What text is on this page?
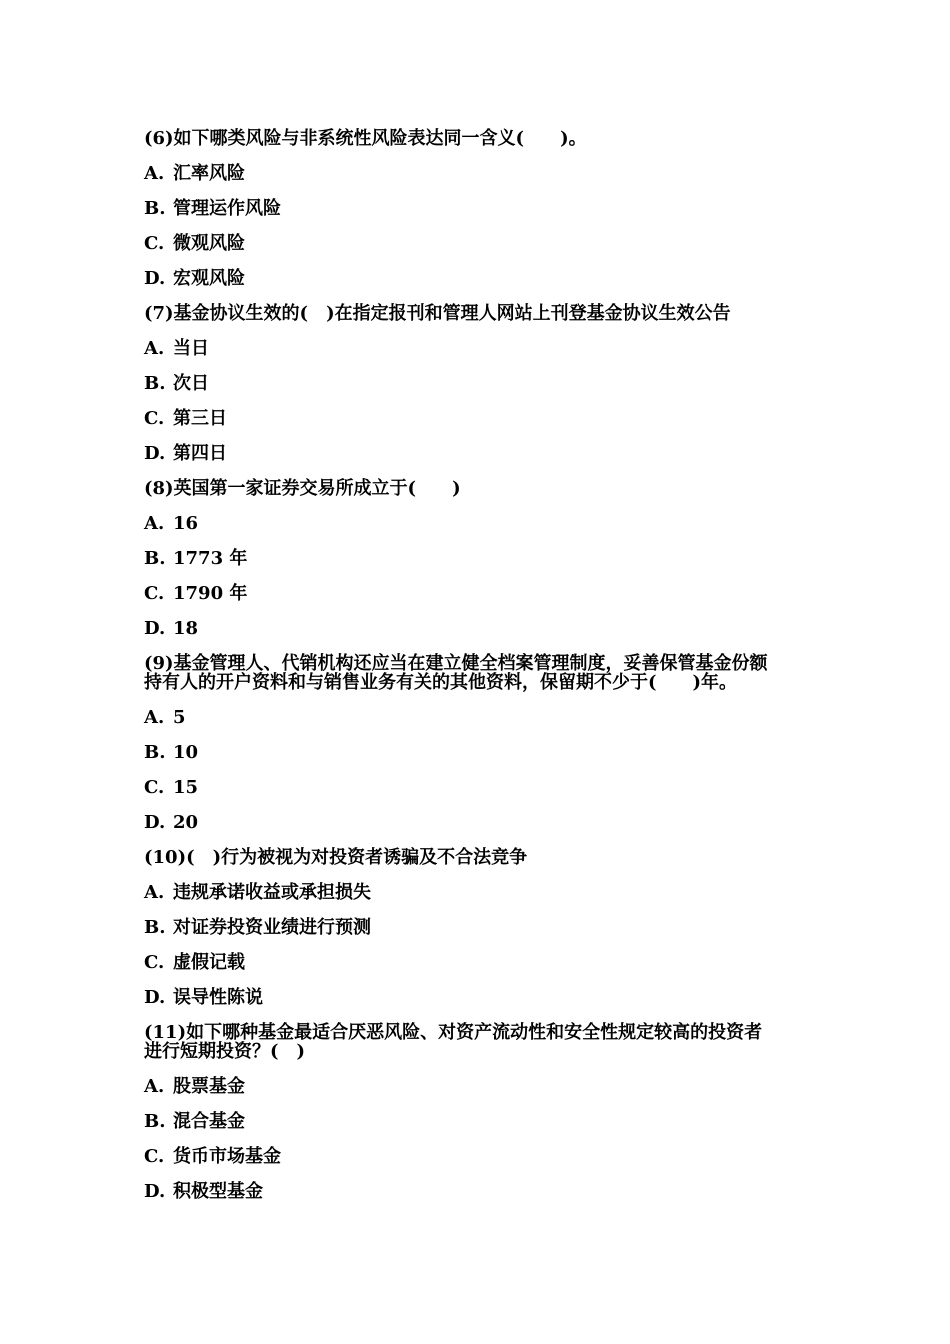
(6)如下哪类风险与非系统性风险表达同一含义(　　)。
A. 汇率风险
B. 管理运作风险
C. 微观风险
D. 宏观风险
(7)基金协议生效的(　)在指定报刊和管理人网站上刊登基金协议生效公告
A. 当日
B. 次日
C. 第三日
D. 第四日
(8)英国第一家证券交易所成立于(　　)
A. 16
B. 1773 年
C. 1790 年
D. 18
(9)基金管理人、代销机构还应当在建立健全档案管理制度，妥善保管基金份额
持有人的开户资料和与销售业务有关的其他资料，保留期不少于(　　)年。
A. 5
B. 10
C. 15
D. 20
(10)(　)行为被视为对投资者诱骗及不合法竞争
A. 违规承诺收益或承担损失
B. 对证券投资业绩进行预测
C. 虚假记载
D. 误导性陈说
(11)如下哪种基金最适合厌恶风险、对资产流动性和安全性规定较高的投资者
进行短期投资？(　)
A. 股票基金
B. 混合基金
C. 货币市场基金
D. 积极型基金
